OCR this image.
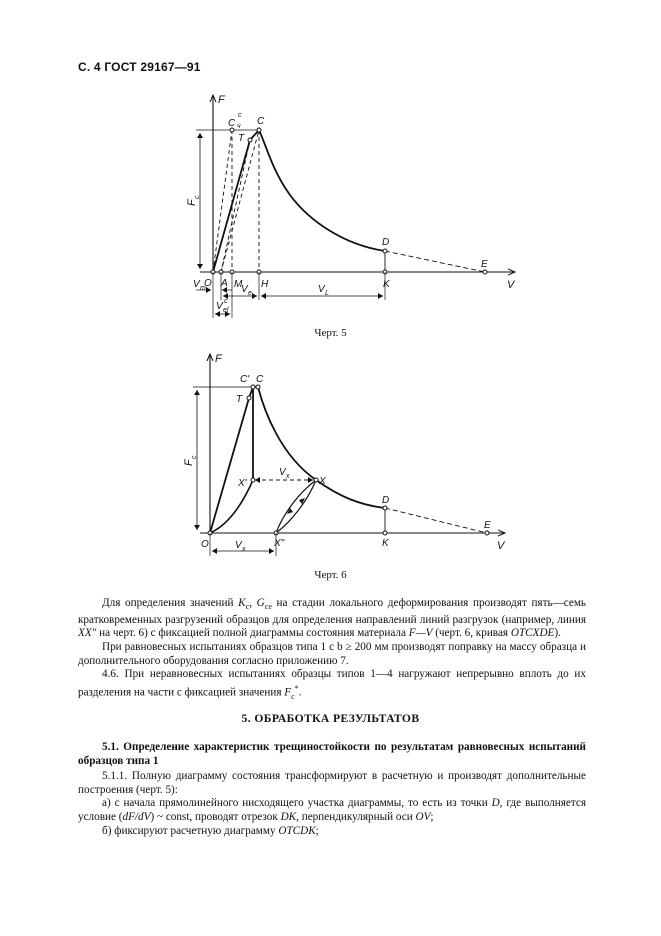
С. 4 ГОСТ 29167—91
F
V
O A M H	K
E
D
T
C
C
c
ч
F
c
V m	V e	V L
V el
c
Черт. 5
F
V
O
C' C
T
X'	X
X"
D
E
K
F
c
V x
V x
Черт. 6

Для определения значений $K_c$, $G_{ce}$ на стадии локального деформирования производят пять—семь кратковременных разгрузений образцов для определения направлений линий разгрузок (например, линия XX″ на черт. 6) с фиксацией полной диаграммы состояния материала F—V (черт. 6, кривая OTCXDE).

При равновесных испытаниях образцов типа 1 с b ≥ 200 мм производят поправку на массу образца и дополнительного оборудования согласно приложению 7.

4.6. При неравновесных испытаниях образцы типов 1—4 нагружают непрерывно вплоть до их разделения на части с фиксацией значения $F_c^*$.

5. ОБРАБОТКА РЕЗУЛЬТАТОВ

5.1. Определение характеристик трещиностойкости по результатам равновесных испытаний образцов типа 1

5.1.1. Полную диаграмму состояния трансформируют в расчетную и производят дополнительные построения (черт. 5):

а) с начала прямолинейного нисходящего участка диаграммы, то есть из точки D, где выполняется условие (dF/dV) ~ const, проводят отрезок DK, перпендикулярный оси OV;

б) фиксируют расчетную диаграмму OTCDK;
